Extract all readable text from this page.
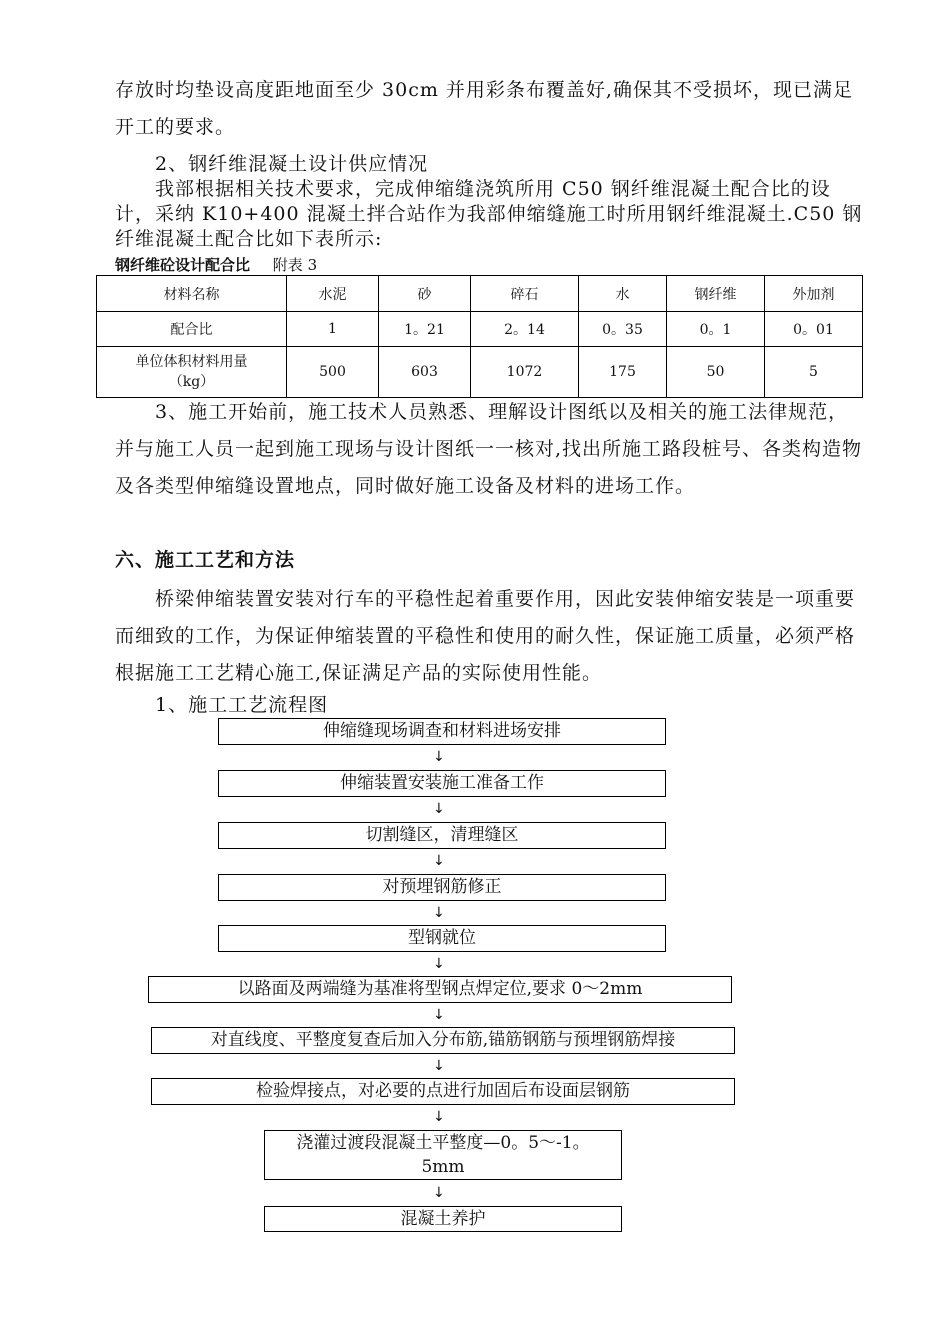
存放时均垫设高度距地面至少 30cm 并用彩条布覆盖好,确保其不受损坏，现已满足开工的要求。
2、钢纤维混凝土设计供应情况
我部根据相关技术要求，完成伸缩缝浇筑所用 C50 钢纤维混凝土配合比的设计，采纳 K10+400 混凝土拌合站作为我部伸缩缝施工时所用钢纤维混凝土.C50 钢纤维混凝土配合比如下表所示:
钢纤维砼设计配合比 附表 3
材料名称	水泥	砂	碎石	水	钢纤维	外加剂
配合比	1	1。21	2。14	0。35	0。1	0。01

单位体积材料用量
（kg）	500	603	1072	175	50	5
3、施工开始前，施工技术人员熟悉、理解设计图纸以及相关的施工法律规范，并与施工人员一起到施工现场与设计图纸一一核对,找出所施工路段桩号、各类构造物及各类型伸缩缝设置地点，同时做好施工设备及材料的进场工作。
六、施工工艺和方法
桥梁伸缩装置安装对行车的平稳性起着重要作用，因此安装伸缩安装是一项重要而细致的工作，为保证伸缩装置的平稳性和使用的耐久性，保证施工质量，必须严格根据施工工艺精心施工,保证满足产品的实际使用性能。
1、施工工艺流程图
伸缩缝现场调查和材料进场安排
↓
伸缩装置安装施工准备工作
↓
切割缝区，清理缝区
↓
对预埋钢筋修正
↓
型钢就位
↓
以路面及两端缝为基准将型钢点焊定位,要求 0～2mm
↓
对直线度、平整度复查后加入分布筋,锚筋钢筋与预埋钢筋焊接
↓
检验焊接点，对必要的点进行加固后布设面层钢筋
↓
浇灌过渡段混凝土平整度—0。5～-1。5mm
↓
混凝土养护
